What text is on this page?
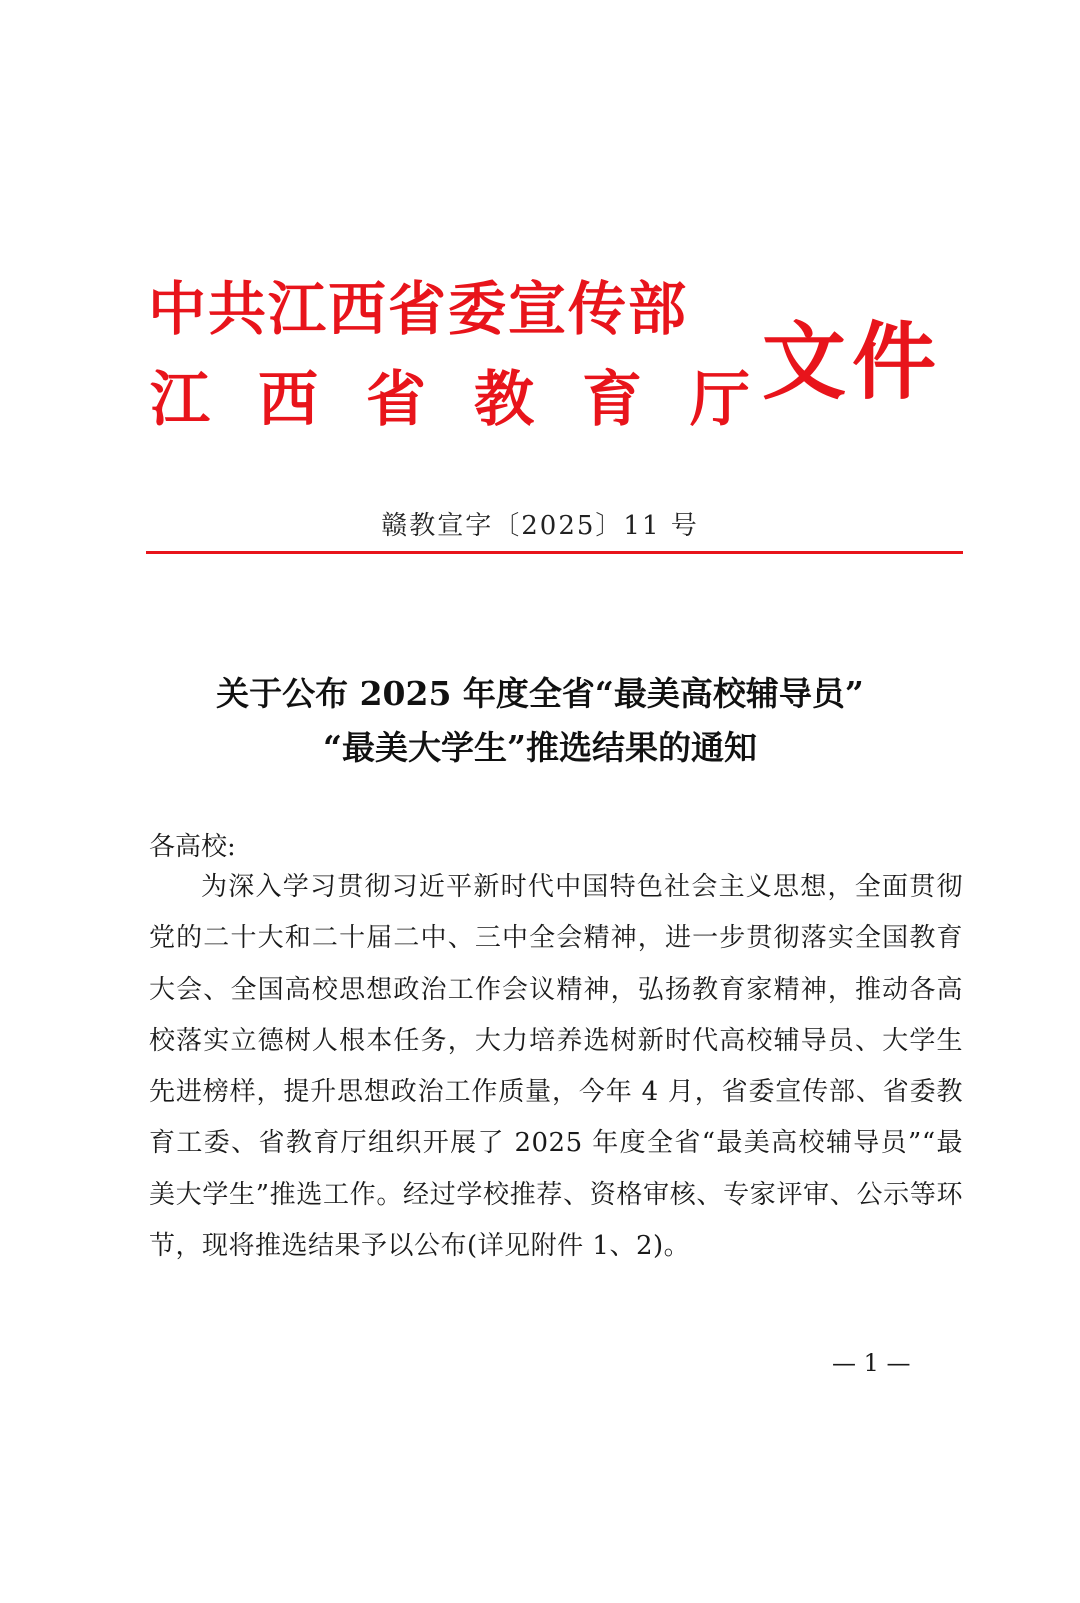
中共江西省委宣传部
江西省教育厅
文件
赣教宣字〔2025〕11 号
关于公布 2025 年度全省“最美高校辅导员”
“最美大学生”推选结果的通知
各高校:
为深入学习贯彻习近平新时代中国特色社会主义思想，全面贯彻党的二十大和二十届二中、三中全会精神，进一步贯彻落实全国教育大会、全国高校思想政治工作会议精神，弘扬教育家精神，推动各高校落实立德树人根本任务，大力培养选树新时代高校辅导员、大学生先进榜样，提升思想政治工作质量，今年 4 月，省委宣传部、省委教育工委、省教育厅组织开展了 2025 年度全省“最美高校辅导员”“最美大学生”推选工作。经过学校推荐、资格审核、专家评审、公示等环节，现将推选结果予以公布(详见附件 1、2)。
— 1 —
